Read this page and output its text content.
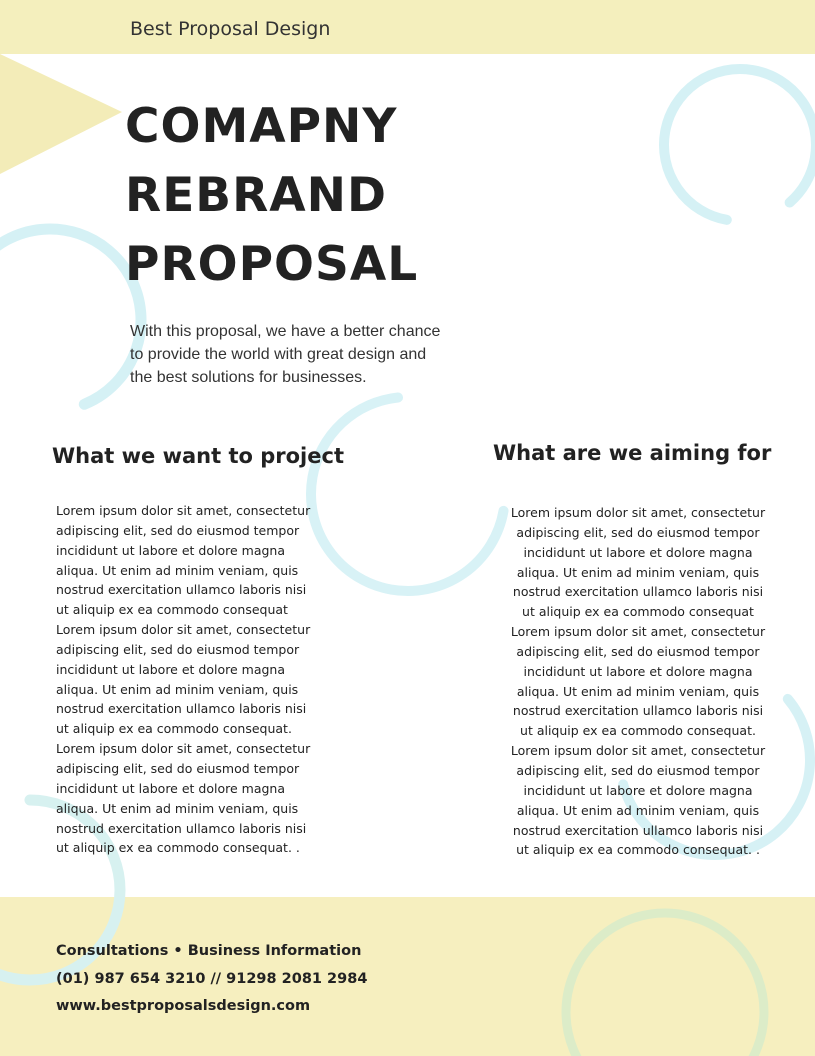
Best Proposal Design
COMAPNY
REBRAND
PROPOSAL
With this proposal, we have a better chance
to provide the world with great design and
the best solutions for businesses.
What we want to project	What are we aiming for
Lorem ipsum dolor sit amet, consectetur
adipiscing elit, sed do eiusmod tempor
incididunt ut labore et dolore magna
aliqua. Ut enim ad minim veniam, quis
nostrud exercitation ullamco laboris nisi
ut aliquip ex ea commodo consequat
Lorem ipsum dolor sit amet, consectetur
adipiscing elit, sed do eiusmod tempor
incididunt ut labore et dolore magna
aliqua. Ut enim ad minim veniam, quis
nostrud exercitation ullamco laboris nisi
ut aliquip ex ea commodo consequat.
Lorem ipsum dolor sit amet, consectetur
adipiscing elit, sed do eiusmod tempor
incididunt ut labore et dolore magna
aliqua. Ut enim ad minim veniam, quis
nostrud exercitation ullamco laboris nisi
ut aliquip ex ea commodo consequat. .
Lorem ipsum dolor sit amet, consectetur
adipiscing elit, sed do eiusmod tempor
incididunt ut labore et dolore magna
aliqua. Ut enim ad minim veniam, quis
nostrud exercitation ullamco laboris nisi
ut aliquip ex ea commodo consequat
Lorem ipsum dolor sit amet, consectetur
adipiscing elit, sed do eiusmod tempor
incididunt ut labore et dolore magna
aliqua. Ut enim ad minim veniam, quis
nostrud exercitation ullamco laboris nisi
ut aliquip ex ea commodo consequat.
Lorem ipsum dolor sit amet, consectetur
adipiscing elit, sed do eiusmod tempor
incididunt ut labore et dolore magna
aliqua. Ut enim ad minim veniam, quis
nostrud exercitation ullamco laboris nisi
ut aliquip ex ea commodo consequat. .
Consultations • Business Information
(01) 987 654 3210 // 91298 2081 2984
www.bestproposalsdesign.com
